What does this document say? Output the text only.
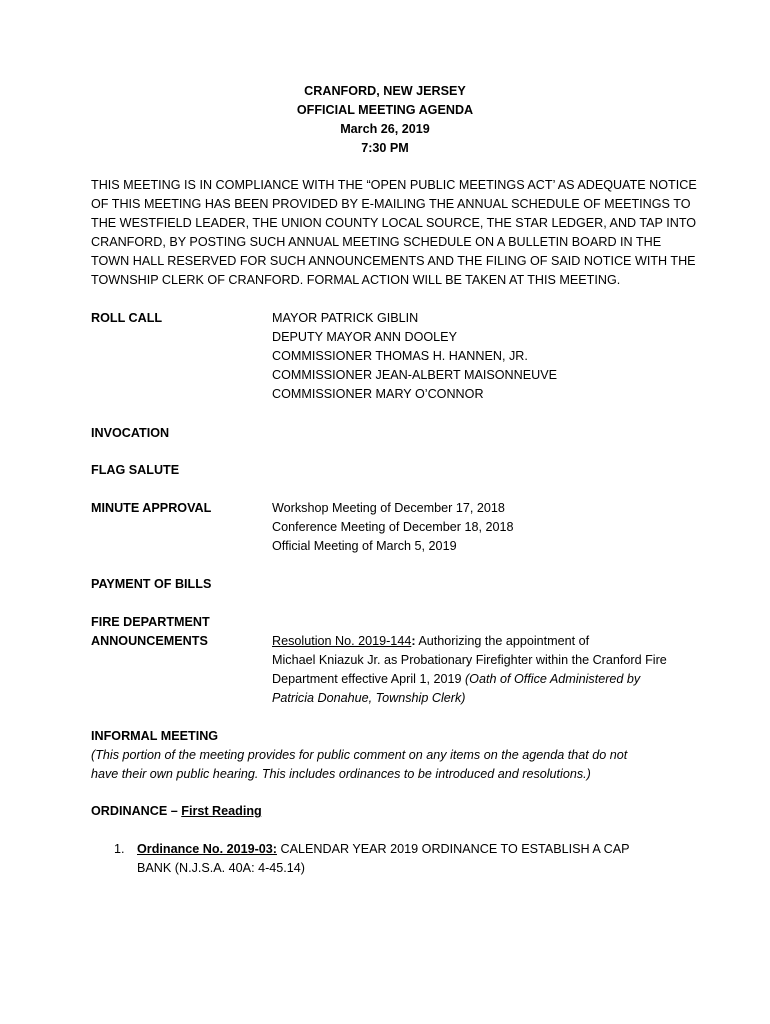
CRANFORD, NEW JERSEY
OFFICIAL MEETING AGENDA
March 26, 2019
7:30 PM
THIS MEETING IS IN COMPLIANCE WITH THE “OPEN PUBLIC MEETINGS ACT’ AS ADEQUATE NOTICE
OF THIS MEETING HAS BEEN PROVIDED BY E-MAILING THE ANNUAL SCHEDULE OF MEETINGS TO
THE WESTFIELD LEADER, THE UNION COUNTY LOCAL SOURCE, THE STAR LEDGER, AND TAP INTO
CRANFORD, BY POSTING SUCH ANNUAL MEETING SCHEDULE ON A BULLETIN BOARD IN THE
TOWN HALL RESERVED FOR SUCH ANNOUNCEMENTS AND THE FILING OF SAID NOTICE WITH THE
TOWNSHIP CLERK OF CRANFORD. FORMAL ACTION WILL BE TAKEN AT THIS MEETING.
ROLL CALL	MAYOR PATRICK GIBLIN
DEPUTY MAYOR ANN DOOLEY
COMMISSIONER THOMAS H. HANNEN, JR.
COMMISSIONER JEAN-ALBERT MAISONNEUVE
COMMISSIONER MARY O’CONNOR
INVOCATION
FLAG SALUTE
MINUTE APPROVAL	Workshop Meeting of December 17, 2018
Conference Meeting of December 18, 2018
Official Meeting of March 5, 2019
PAYMENT OF BILLS
FIRE DEPARTMENT
ANNOUNCEMENTS	Resolution No. 2019-144: Authorizing the appointment of
Michael Kniazuk Jr. as Probationary Firefighter within the Cranford Fire
Department effective April 1, 2019 (Oath of Office Administered by
Patricia Donahue, Township Clerk)
INFORMAL MEETING
(This portion of the meeting provides for public comment on any items on the agenda that do not
have their own public hearing. This includes ordinances to be introduced and resolutions.)
ORDINANCE – First Reading
1. Ordinance No. 2019-03: CALENDAR YEAR 2019 ORDINANCE TO ESTABLISH A CAP
BANK (N.J.S.A. 40A: 4-45.14)
